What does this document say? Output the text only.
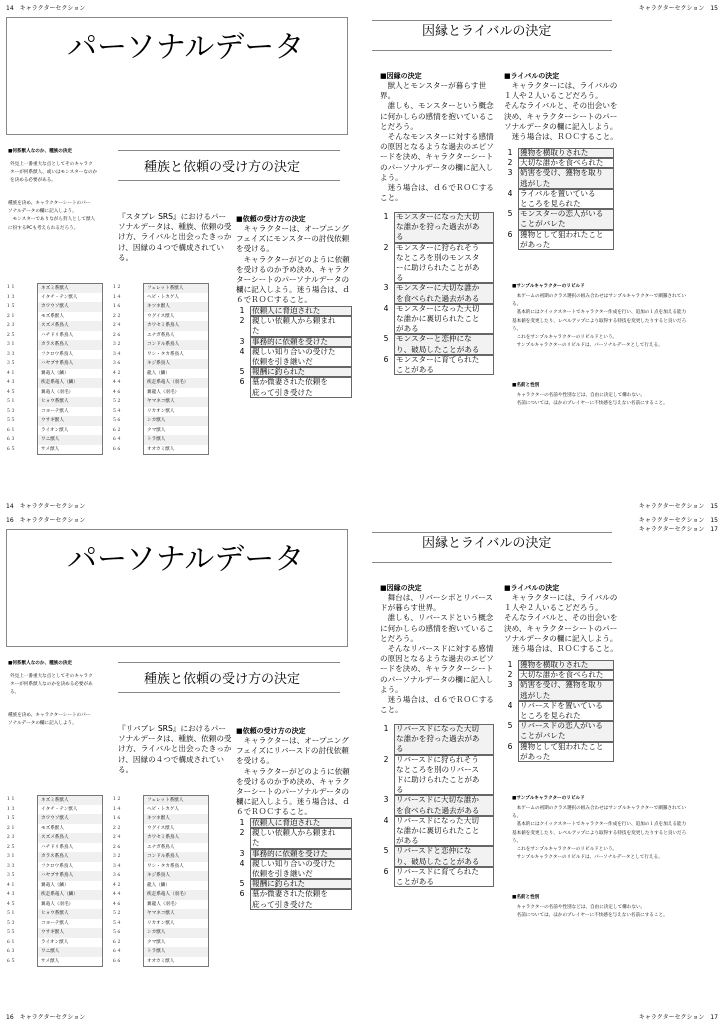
14　キャラクターセクション
パーソナルデータ
■何系獣人なのか、種族の決定
種族と依頼の受け方の決定
外見上一番重大な点としてそのキャラク
ターが何系獣人、或いはモンスターなのか
を決める必要がある。
種族を決め、キャラクターシートのパー
ソナルデータの欄に記入しよう。
　モンスターでありながら狩人として獣人
に扮するPCも考えられるだろう。
『スタブレ SRS』におけるパー
ソナルデータは、種族、依頼の受
け方、ライバルと出会ったきっか
け、因縁の４つで構成されてい
る。
■依頼の受け方の決定
　キャラクターは、オープニング
フェイズにモンスターの討伐依頼
を受ける。
　キャラクターがどのように依頼
を受けるのか予め決め、キャラク
ターシートのパーソナルデータの
欄に記入しよう。迷う場合は、ｄ
６でＲＯＣすること。
1 依頼人に脅迫された
2 親しい依頼人から頼まれ
た
3 事務的に依頼を受けた
4 親しい知り合いの受けた
依頼を引き継いだ
5 報酬に釣られた
6 墓か微妻された依頼を
庇って引き受けた
１１	ネズミ系獣人
１３	イタチ・テン獣人
１５	カワウソ獣人
２１	モズ系獣人
２３	スズメ系鳥人
２５	ハチドリ系鳥人
３１	カラス系鳥人
３３	フクロウ系鳥人
３５	ハヤブサ系鳥人
４１	翼竜人（鱗）
４３	疾走系竜人（鱗）
４５	翼竜人（羽毛）
５１	ヒョウ系獣人
５３	コヨーテ獣人
５５	ウサギ獣人
６１	ライオン獣人
６３	ワニ獣人
６５	サメ獣人
１２	フェレット系獣人
１４	ヘビ・トカゲ人
１６	キツネ獣人
２２	ウグイス獣人
２４	カワセミ系鳥人
２６	エナガ系鳥人
３２	コンドル系鳥人
３４	ワシ・タカ系鳥人
３６	キジ系鳥人
４２	龍人（鱗）
４４	疾走系竜人（羽毛）
４６	翼龍人（羽毛）
５２	ヤマネコ獣人
５４	リカオン獣人
５６	シカ獣人
６２	クマ獣人
６４	トラ獣人
６６	オオカミ獣人
14　キャラクターセクション
キャラクターセクション　15
因縁とライバルの決定
■因縁の決定
　獣人とモンスターが暮らす世
界。
　誰しも、モンスターという概念
に何かしらの感情を抱いているこ
とだろう。
　そんなモンスターに対する感情
の原因となるような過去のエピソ
ードを決め、キャラクターシート
のパーソナルデータの欄に記入し
よう。
　迷う場合は、ｄ６でＲＯＣする
こと。
1 モンスターになった大切
な誰かを狩った過去があ
る
2 モンスターに狩られそう
なところを別のモンスタ
ーに助けられたことがあ
る
3 モンスターに大切な誰か
を食べられた過去がある
4 モンスターになった大切
な誰かに裏切られたこと
がある
5 モンスターと恋仲にな
り、破局したことがある
6 モンスターに育てられた
ことがある
■ライバルの決定
　キャラクターには、ライバルの
１人や２人いるこどだろう。
そんなライバルと、その出会いを
決め、キャラクターシートのパー
ソナルデータの欄に記入しよう。
　迷う場合は、ＲＯＣすること。
1 獲物を横取りされた
2 大切な誰かを食べられた
3 奶害を受け、獲物を取り
逃がした
4 ライバルを置いている
ところを見られた
5 モンスターの恋人がいる
ことがバレた
6 獲物として狙われたこと
があった
■サンプルキャラクターのリビルド
　本ゲームの初期のクラス選択の組み合わせはサンプルキャラクターで網羅されてい
る。
　基本的にはクイックスタートでキャラクター作成を行い、追加の１点を加える能力
基本値を変更したり、レベルアップにより取得する特技を変更したりすると良いだろ
う。
　これをサンプルキャラクターのリビルドという。
　サンプルキャラクターのリビルドは、パーソナルデータとして行える。
■名前と性別
　キャラクターの名前や性別などは、自由に決定して構わない。
　名前については、ほかのプレイヤーに不快感を与えない名前にすること。
キャラクターセクション　15
16　キャラクターセクション
パーソナルデータ
■何系獣人なのか、種族の決定
種族と依頼の受け方の決定
外見上一番重大な点としてそのキャラク
ターが何系獣人なのかを決める必要があ
る。
種族を決め、キャラクターシートのパー
ソナルデータの欄に記入しよう。
『リバブレ SRS』におけるパー
ソナルデータは、種族、依頼の受
け方、ライバルと出会ったきっか
け、因縁の４つで構成されてい
る。
■依頼の受け方の決定
　キャラクターは、オープニング
フェイズにリバースドの討伐依頼
を受ける。
　キャラクターがどのように依頼
を受けるのか予め決め、キャラク
ターシートのパーソナルデータの
欄に記入しよう。迷う場合は、ｄ
６でＲＯＣすること。
1 依頼人に脅迫された
2 親しい依頼人から頼まれ
た
3 事務的に依頼を受けた
4 親しい知り合いの受けた
依頼を引き継いだ
5 報酬に釣られた
6 墓か微妻された依頼を
庇って引き受けた
１１	ネズミ系獣人
１３	イタチ・テン獣人
１５	カワウソ獣人
２１	モズ系獣人
２３	スズメ系鳥人
２５	ハチドリ系鳥人
３１	カラス系鳥人
３３	フクロウ系鳥人
３５	ハヤブサ系鳥人
４１	翼竜人（鱗）
４３	疾走系竜人（鱗）
４５	翼竜人（羽毛）
５１	ヒョウ系獣人
５３	コヨーテ獣人
５５	ウサギ獣人
６１	ライオン獣人
６３	ワニ獣人
６５	サメ獣人
１２	フェレット系獣人
１４	ヘビ・トカゲ人
１６	キツネ獣人
２２	ウグイス獣人
２４	カワセミ系鳥人
２６	エナガ系鳥人
３２	コンドル系鳥人
３４	ワシ・タカ系鳥人
３６	キジ系鳥人
４２	龍人（鱗）
４４	疾走系竜人（羽毛）
４６	翼龍人（羽毛）
５２	ヤマネコ獣人
５４	リカオン獣人
５６	シカ獣人
６２	クマ獣人
６４	トラ獣人
６６	オオカミ獣人
16　キャラクターセクション
キャラクターセクション　15
キャラクターセクション　17
因縁とライバルの決定
■因縁の決定
　舞台は、リバーシボとリバース
ドが暮らす世界。
　誰しも、リバースドという概念
に何かしらの感情を抱いているこ
とだろう。
　そんなリバースドに対する感情
の原因となるような過去のエピソ
ードを決め、キャラクターシート
のパーソナルデータの欄に記入し
よう。
　迷う場合は、ｄ６でＲＯＣする
こと。
1 リバースドになった大切
な誰かを狩った過去があ
る
2 リバースドに狩られそう
なところを別のリバース
ドに助けられたことがあ
る
3 リバースドに大切な誰か
を食べられた過去がある
4 リバースドになった大切
な誰かに裏切られたこと
がある
5 リバースドと恋仲にな
り、破局したことがある
6 リバースドに育てられた
ことがある
■ライバルの決定
　キャラクターには、ライバルの
１人や２人いるこどだろう。
そんなライバルと、その出会いを
決め、キャラクターシートのパー
ソナルデータの欄に記入しよう。
　迷う場合は、ＲＯＣすること。
1 獲物を横取りされた
2 大切な誰かを食べられた
3 奶害を受け、獲物を取り
逃がした
4 リバースドを置いている
ところを見られた
5 リバースドの恋人がいる
ことがバレた
6 獲物として狙われたこと
があった
■サンプルキャラクターのリビルド
　本ゲームの初期のクラス選択の組み合わせはサンプルキャラクターで網羅されてい
る。
　基本的にはクイックスタートでキャラクター作成を行い、追加の１点を加える能力
基本値を変更したり、レベルアップにより取得する特技を変更したりすると良いだろ
う。
　これをサンプルキャラクターのリビルドという。
　サンプルキャラクターのリビルドは、パーソナルデータとして行える。
■名前と性別
　キャラクターの名前や性別などは、自由に決定して構わない。
　名前については、ほかのプレイヤーに不快感を与えない名前にすること。
キャラクターセクション　17
